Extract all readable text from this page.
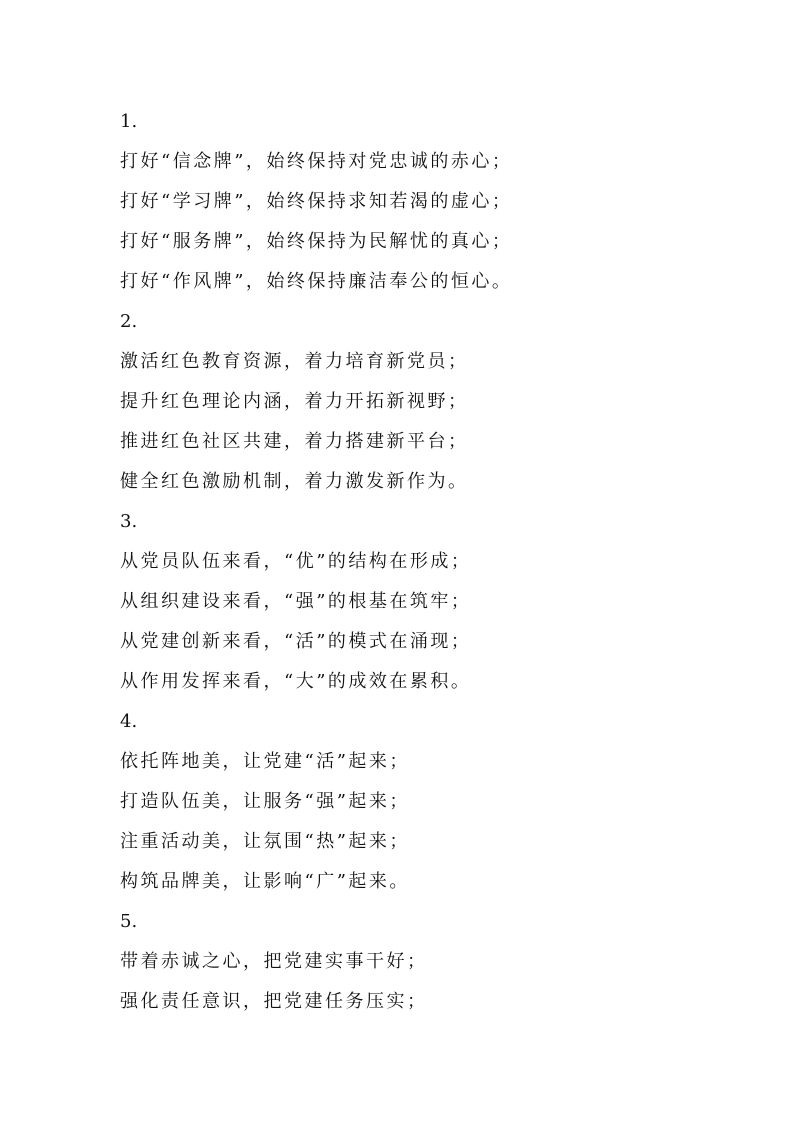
1.
打好“信念牌”，始终保持对党忠诚的赤心；
打好“学习牌”，始终保持求知若渴的虚心；
打好“服务牌”，始终保持为民解忧的真心；
打好“作风牌”，始终保持廉洁奉公的恒心。
2.
激活红色教育资源，着力培育新党员；
提升红色理论内涵，着力开拓新视野；
推进红色社区共建，着力搭建新平台；
健全红色激励机制，着力激发新作为。
3.
从党员队伍来看，“优”的结构在形成；
从组织建设来看，“强”的根基在筑牢；
从党建创新来看，“活”的模式在涌现；
从作用发挥来看，“大”的成效在累积。
4.
依托阵地美，让党建“活”起来；
打造队伍美，让服务“强”起来；
注重活动美，让氛围“热”起来；
构筑品牌美，让影响“广”起来。
5.
带着赤诚之心，把党建实事干好；
强化责任意识，把党建任务压实；
